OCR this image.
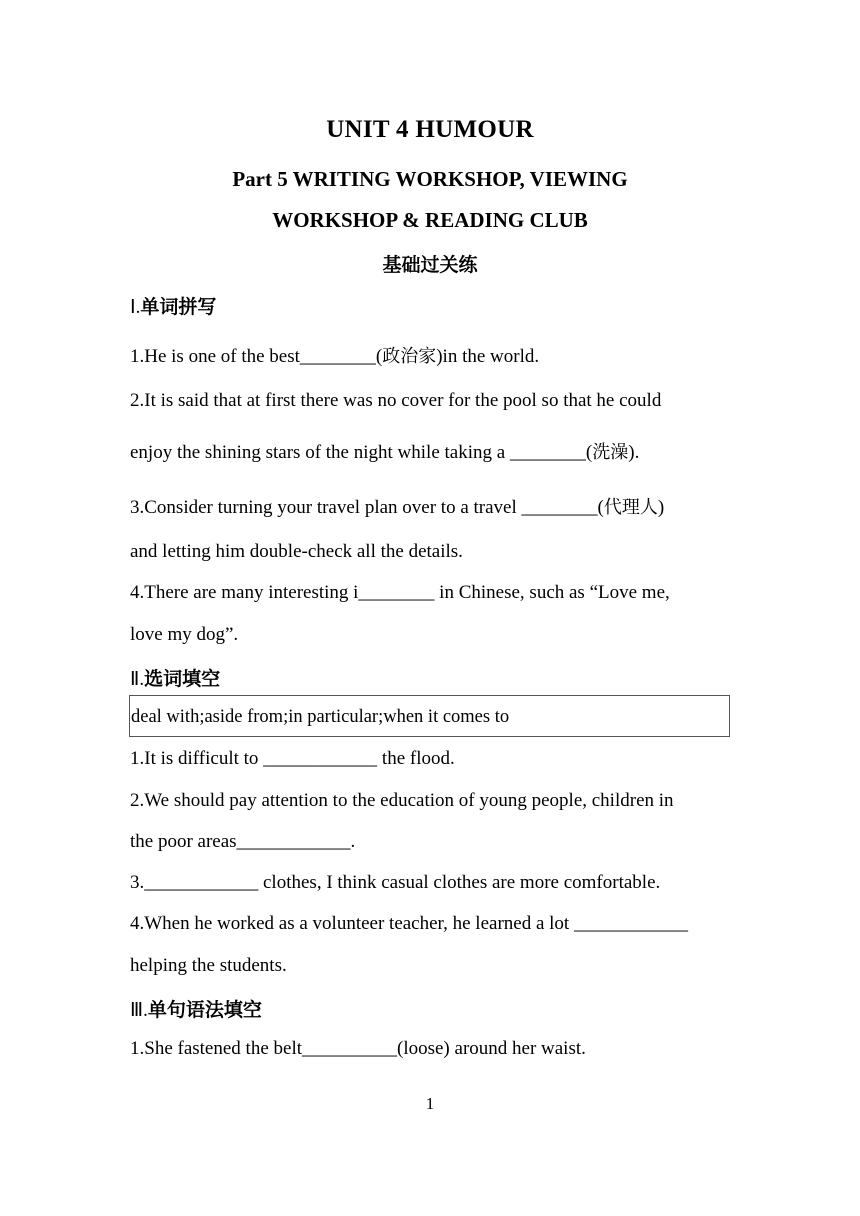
UNIT 4 HUMOUR
Part 5 WRITING WORKSHOP, VIEWING
WORKSHOP & READING CLUB
基础过关练
Ⅰ.单词拼写
1.He is one of the best________(政治家)in the world.
2.It is said that at first there was no cover for the pool so that he could
enjoy the shining stars of the night while taking a ________(洗澡).
3.Consider turning your travel plan over to a travel ________(代理人)
and letting him double-check all the details.
4.There are many interesting i________ in Chinese, such as “Love me,
love my dog”.
Ⅱ.选词填空
deal with;aside from;in particular;when it comes to
1.It is difficult to ____________ the flood.
2.We should pay attention to the education of young people, children in
the poor areas____________.
3.____________ clothes, I think casual clothes are more comfortable.
4.When he worked as a volunteer teacher, he learned a lot ____________
helping the students.
Ⅲ.单句语法填空
1.She fastened the belt__________(loose) around her waist.
1
